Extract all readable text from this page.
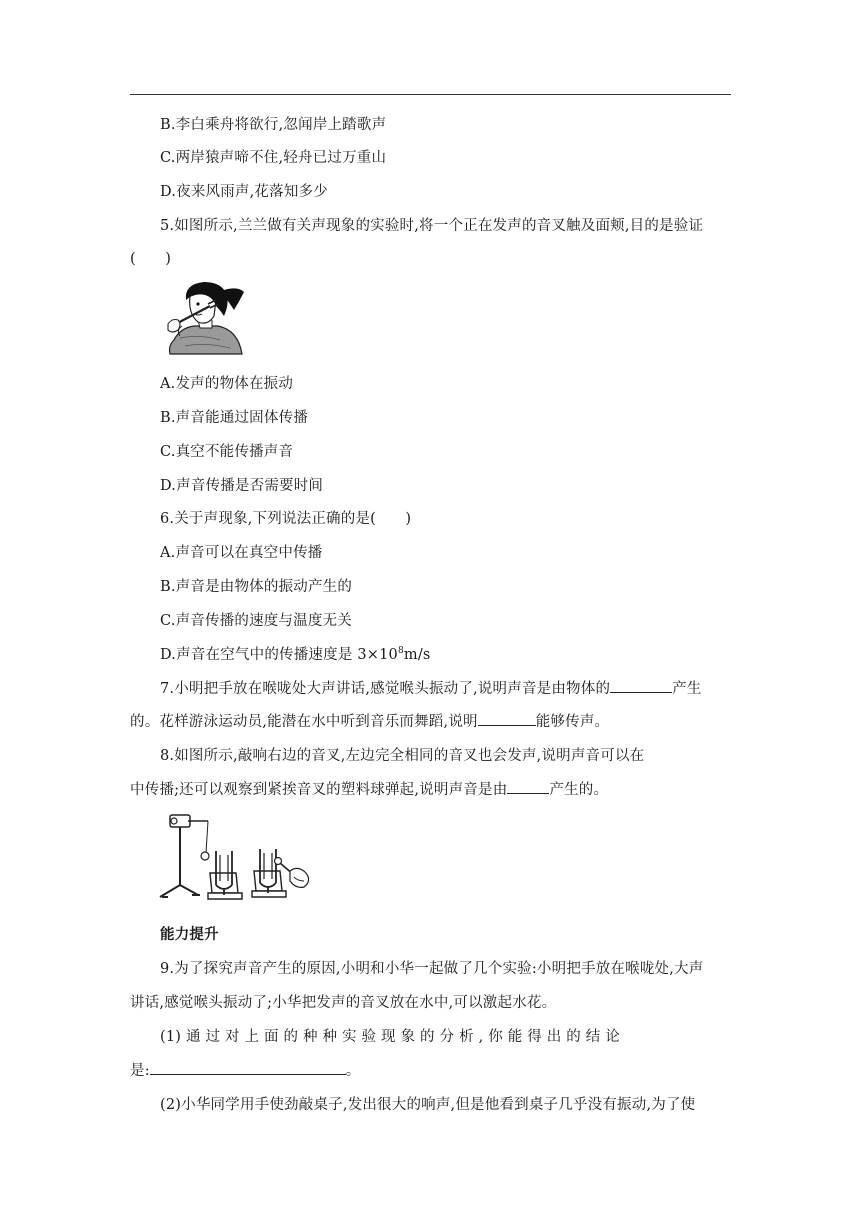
B.李白乘舟将欲行,忽闻岸上踏歌声
C.两岸猿声啼不住,轻舟已过万重山
D.夜来风雨声,花落知多少
5.如图所示,兰兰做有关声现象的实验时,将一个正在发声的音叉触及面颊,目的是验证
(　　)
A.发声的物体在振动
B.声音能通过固体传播
C.真空不能传播声音
D.声音传播是否需要时间
6.关于声现象,下列说法正确的是(　　)
A.声音可以在真空中传播
B.声音是由物体的振动产生的
C.声音传播的速度与温度无关
D.声音在空气中的传播速度是 $3\times 10^8m/s$
7.小明把手放在喉咙处大声讲话,感觉喉头振动了,说明声音是由物体的	产生
的。花样游泳运动员,能潜在水中听到音乐而舞蹈,说明	能够传声。
8.如图所示,敲响右边的音叉,左边完全相同的音叉也会发声,说明声音可以在
中传播;还可以观察到紧挨音叉的塑料球弹起,说明声音是由	产生的。
能力提升
9.为了探究声音产生的原因,小明和小华一起做了几个实验:小明把手放在喉咙处,大声
讲话,感觉喉头振动了;小华把发声的音叉放在水中,可以激起水花。
(1) 通 过 对 上 面 的 种 种 实 验 现 象 的 分 析 , 你 能 得 出 的 结 论
是:	。
(2)小华同学用手使劲敲桌子,发出很大的响声,但是他看到桌子几乎没有振动,为了使
